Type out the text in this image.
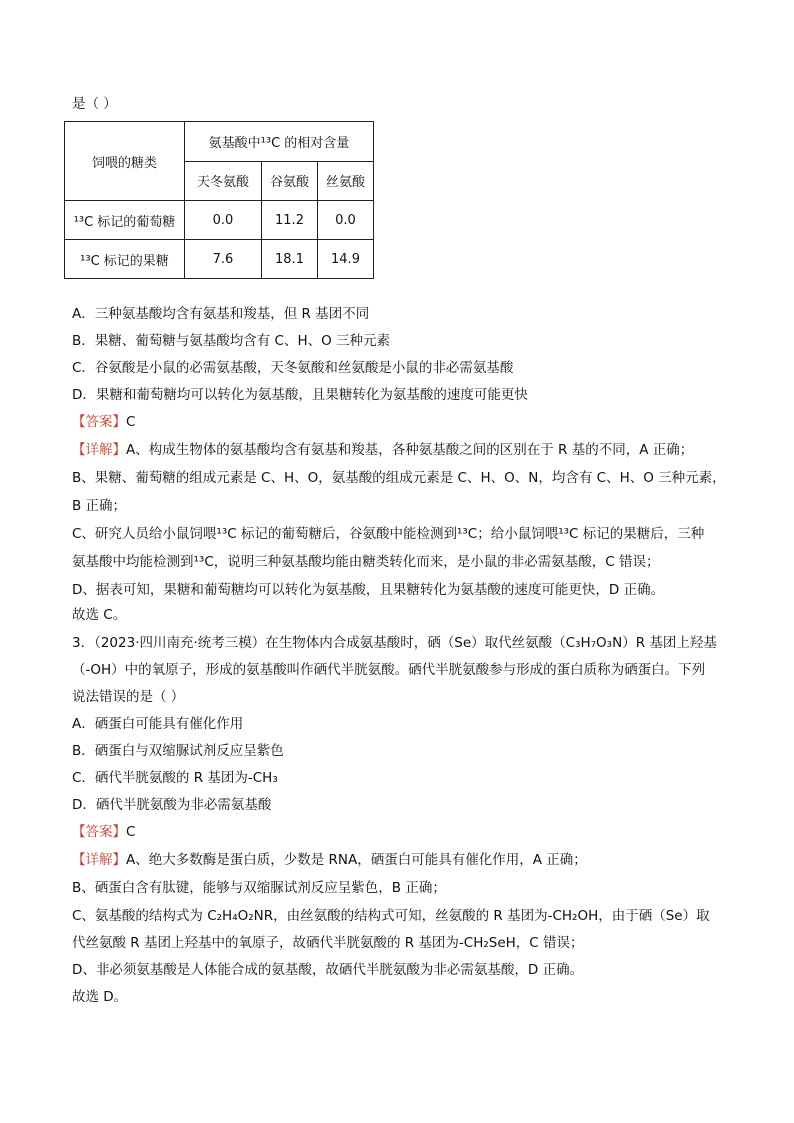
是（ ）
饲喂的糖类	氨基酸中¹³C 的相对含量		
	天冬氨酸	谷氨酸	丝氨酸
¹³C 标记的葡萄糖	0.0	11.2	0.0
¹³C 标记的果糖	7.6	18.1	14.9
A．三种氨基酸均含有氨基和羧基，但 R 基团不同
B．果糖、葡萄糖与氨基酸均含有 C、H、O 三种元素
C．谷氨酸是小鼠的必需氨基酸，天冬氨酸和丝氨酸是小鼠的非必需氨基酸
D．果糖和葡萄糖均可以转化为氨基酸，且果糖转化为氨基酸的速度可能更快
【答案】C
【详解】A、构成生物体的氨基酸均含有氨基和羧基，各种氨基酸之间的区别在于 R 基的不同，A 正确；
B、果糖、葡萄糖的组成元素是 C、H、O，氨基酸的组成元素是 C、H、O、N，均含有 C、H、O 三种元素，
B 正确；
C、研究人员给小鼠饲喂¹³C 标记的葡萄糖后，谷氨酸中能检测到¹³C；给小鼠饲喂¹³C 标记的果糖后，三种
氨基酸中均能检测到¹³C，说明三种氨基酸均能由糖类转化而来，是小鼠的非必需氨基酸，C 错误；
D、据表可知，果糖和葡萄糖均可以转化为氨基酸，且果糖转化为氨基酸的速度可能更快，D 正确。
故选 C。
3．（2023·四川南充·统考三模）在生物体内合成氨基酸时，硒（Se）取代丝氨酸（C₃H₇O₃N）R 基团上羟基
（-OH）中的氧原子，形成的氨基酸叫作硒代半胱氨酸。硒代半胱氨酸参与形成的蛋白质称为硒蛋白。下列
说法错误的是（ ）
A．硒蛋白可能具有催化作用
B．硒蛋白与双缩脲试剂反应呈紫色
C．硒代半胱氨酸的 R 基团为-CH₃
D．硒代半胱氨酸为非必需氨基酸
【答案】C
【详解】A、绝大多数酶是蛋白质，少数是 RNA，硒蛋白可能具有催化作用，A 正确；
B、硒蛋白含有肽键，能够与双缩脲试剂反应呈紫色，B 正确；
C、氨基酸的结构式为 C₂H₄O₂NR，由丝氨酸的结构式可知，丝氨酸的 R 基团为-CH₂OH，由于硒（Se）取
代丝氨酸 R 基团上羟基中的氧原子，故硒代半胱氨酸的 R 基团为-CH₂SeH，C 错误；
D、非必须氨基酸是人体能合成的氨基酸，故硒代半胱氨酸为非必需氨基酸，D 正确。
故选 D。
